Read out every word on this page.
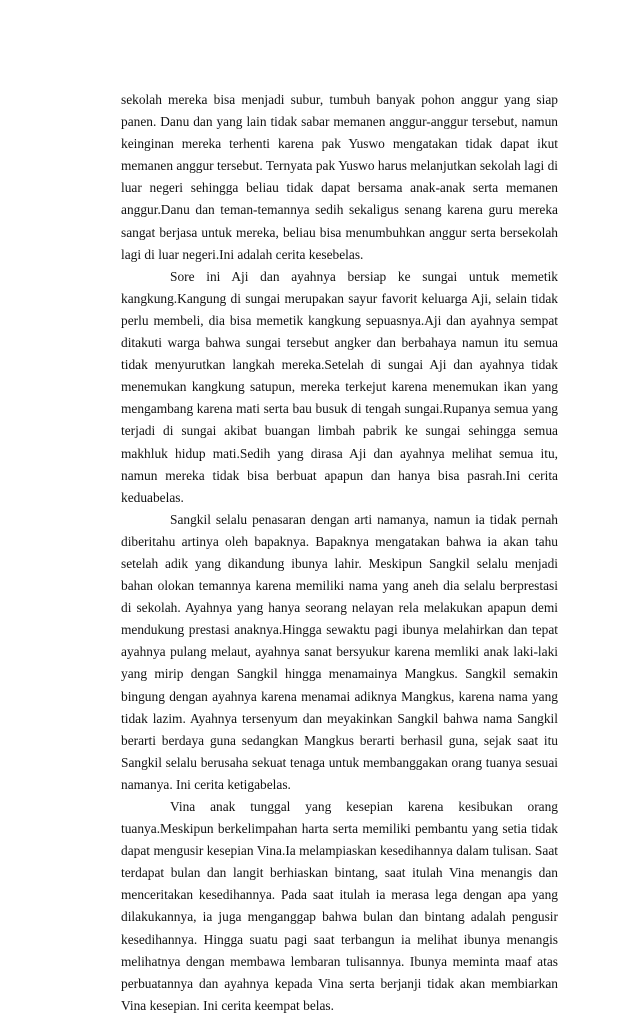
sekolah mereka bisa menjadi subur, tumbuh banyak pohon anggur yang siap panen. Danu dan yang lain tidak sabar memanen anggur-anggur tersebut, namun keinginan mereka terhenti karena pak Yuswo mengatakan tidak dapat ikut memanen anggur tersebut. Ternyata pak Yuswo harus melanjutkan sekolah lagi di luar negeri sehingga beliau tidak dapat bersama anak-anak serta memanen anggur.Danu dan teman-temannya sedih sekaligus senang karena guru mereka sangat berjasa untuk mereka, beliau bisa menumbuhkan anggur serta bersekolah lagi di luar negeri.Ini adalah cerita kesebelas.

Sore ini Aji dan ayahnya bersiap ke sungai untuk memetik kangkung.Kangung di sungai merupakan sayur favorit keluarga Aji, selain tidak perlu membeli, dia bisa memetik kangkung sepuasnya.Aji dan ayahnya sempat ditakuti warga bahwa sungai tersebut angker dan berbahaya namun itu semua tidak menyurutkan langkah mereka.Setelah di sungai Aji dan ayahnya tidak menemukan kangkung satupun, mereka terkejut karena menemukan ikan yang mengambang karena mati serta bau busuk di tengah sungai.Rupanya semua yang terjadi di sungai akibat buangan limbah pabrik ke sungai sehingga semua makhluk hidup mati.Sedih yang dirasa Aji dan ayahnya melihat semua itu, namun mereka tidak bisa berbuat apapun dan hanya bisa pasrah.Ini cerita keduabelas.

Sangkil selalu penasaran dengan arti namanya, namun ia tidak pernah diberitahu artinya oleh bapaknya. Bapaknya mengatakan bahwa ia akan tahu setelah adik yang dikandung ibunya lahir. Meskipun Sangkil selalu menjadi bahan olokan temannya karena memiliki nama yang aneh dia selalu berprestasi di sekolah. Ayahnya yang hanya seorang nelayan rela melakukan apapun demi mendukung prestasi anaknya.Hingga sewaktu pagi ibunya melahirkan dan tepat ayahnya pulang melaut, ayahnya sanat bersyukur karena memliki anak laki-laki yang mirip dengan Sangkil hingga menamainya Mangkus. Sangkil semakin bingung dengan ayahnya karena menamai adiknya Mangkus, karena nama yang tidak lazim. Ayahnya tersenyum dan meyakinkan Sangkil bahwa nama Sangkil berarti berdaya guna sedangkan Mangkus berarti berhasil guna, sejak saat itu Sangkil selalu berusaha sekuat tenaga untuk membanggakan orang tuanya sesuai namanya. Ini cerita ketigabelas.

Vina anak tunggal yang kesepian karena kesibukan orang tuanya.Meskipun berkelimpahan harta serta memiliki pembantu yang setia tidak dapat mengusir kesepian Vina.Ia melampiaskan kesedihannya dalam tulisan. Saat terdapat bulan dan langit berhiaskan bintang, saat itulah Vina menangis dan menceritakan kesedihannya. Pada saat itulah ia merasa lega dengan apa yang dilakukannya, ia juga menganggap bahwa bulan dan bintang adalah pengusir kesedihannya. Hingga suatu pagi saat terbangun ia melihat ibunya menangis melihatnya dengan membawa lembaran tulisannya. Ibunya meminta maaf atas perbuatannya dan ayahnya kepada Vina serta berjanji tidak akan membiarkan Vina kesepian. Ini cerita keempat belas.
